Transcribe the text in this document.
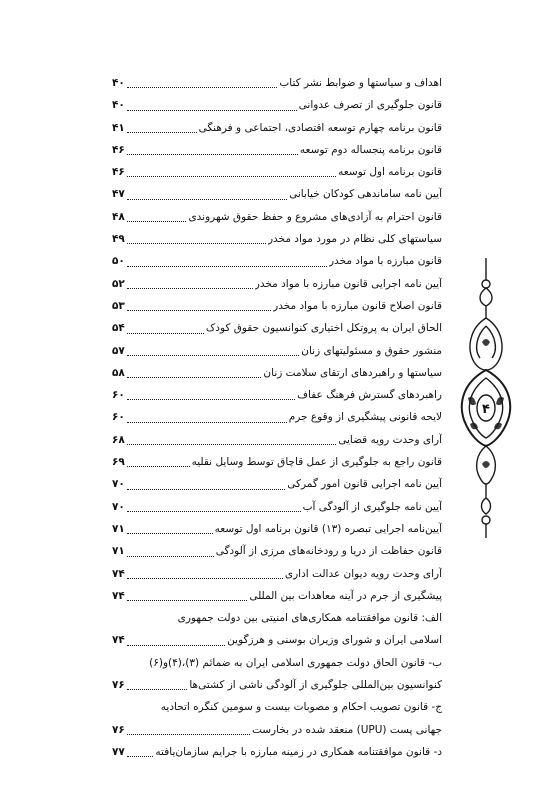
اهداف و سیاستها و ضوابط نشر کتاب
۴۰
قانون جلوگیری از تصرف عدوانی
۴۰
قانون برنامه چهارم توسعه اقتصادی، اجتماعی و فرهنگی
۴۱
قانون برنامه پنجساله دوم توسعه
۴۶
قانون برنامه اول توسعه
۴۶
آیین نامه ساماندهی کودکان خیابانی
۴۷
قانون احترام به آزادی‌های مشروع و حفظ حقوق شهروندی
۴۸
سیاستهای کلی نظام در مورد مواد مخدر
۴۹
قانون مبارزه با مواد مخدر
۵۰
آیین نامه اجرایی قانون مبارزه با مواد مخدر
۵۲
قانون اصلاح قانون مبارزه با مواد مخدر
۵۳
الحاق ایران به پروتکل اختیاری کنوانسیون حقوق کودک
۵۴
منشور حقوق و مسئولیتهای زنان
۵۷
سیاستها و راهبردهای ارتقای سلامت زنان
۵۸
راهبردهای گسترش فرهنگ عفاف
۶۰
لایحه قانونی پیشگیری از وقوع جرم
۶۰
آرای وحدت رویه قضایی
۶۸
قانون راجع به جلوگیری از عمل قاچاق توسط وسایل نقلیه
۶۹
آیین نامه اجرایی قانون امور گمرکی
۷۰
آیین نامه جلوگیری از آلودگی آب
۷۰
آیین‌نامه اجرایی تبصره (۱۳) قانون برنامه اول توسعه
۷۱
قانون حفاظت از دریا و رودخانه‌های مرزی از آلودگی
۷۱
آرای وحدت رویه دیوان عدالت اداری
۷۴
پیشگیری از جرم در آینه معاهدات بین المللی
۷۴
الف: قانون موافقتنامه همکاری‌های امنیتی بین دولت جمهوری
اسلامی ایران و شورای وزیران بوسنی و هرزگوین
۷۴
ب- قانون الحاق دولت جمهوری اسلامی ایران به ضمائم (۳)،(۴)و(۶)
کنوانسیون بین‌المللی جلوگیری از آلودگی ناشی از کشتی‌ها
۷۶
ج- قانون تصویب احکام و مصوبات بیست و سومین کنگره اتحادیه
جهانی پست (UPU) منعقد شده در بخارست
۷۶
د- قانون موافقتنامه همکاری در زمینه مبارزه با جرایم سازمان‌یافته
۷۷
۴
